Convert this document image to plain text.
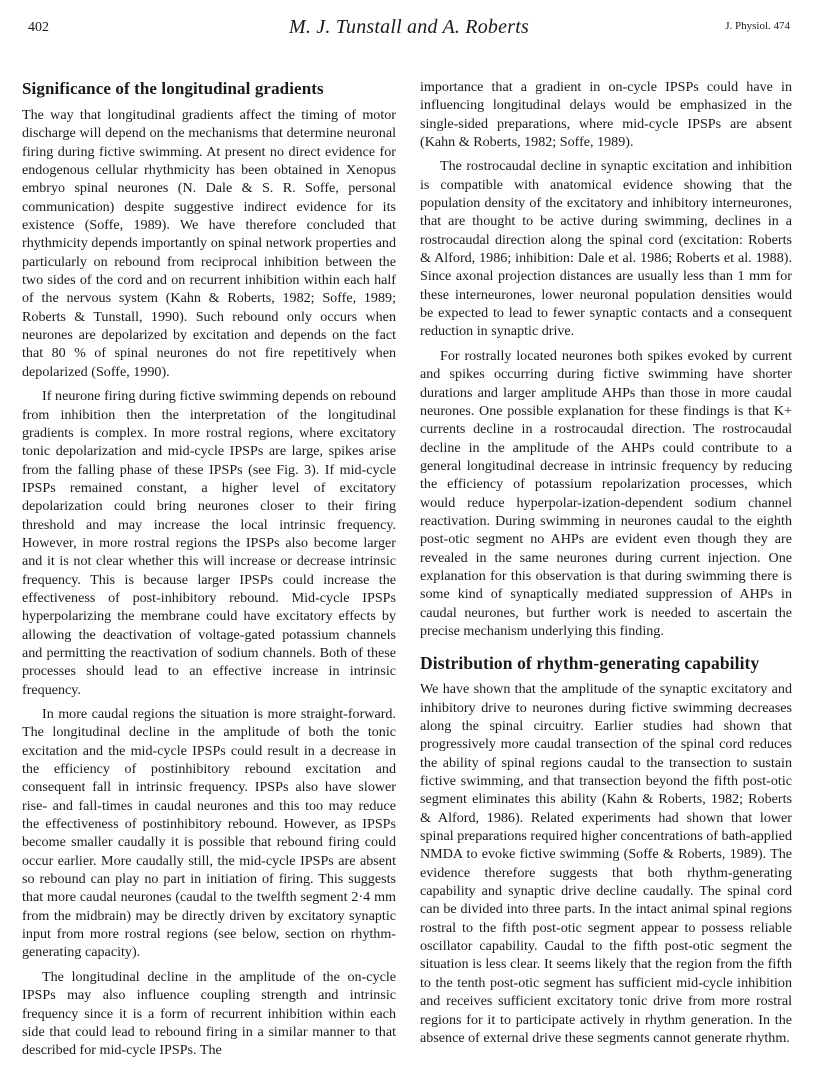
402	M. J. Tunstall and A. Roberts	J. Physiol. 474
Significance of the longitudinal gradients

The way that longitudinal gradients affect the timing of motor discharge will depend on the mechanisms that determine neuronal firing during fictive swimming. At present no direct evidence for endogenous cellular rhythmicity has been obtained in Xenopus embryo spinal neurones (N. Dale & S. R. Soffe, personal communication) despite suggestive indirect evidence for its existence (Soffe, 1989). We have therefore concluded that rhythmicity depends importantly on spinal network properties and particularly on rebound from reciprocal inhibition between the two sides of the cord and on recurrent inhibition within each half of the nervous system (Kahn & Roberts, 1982; Soffe, 1989; Roberts & Tunstall, 1990). Such rebound only occurs when neurones are depolarized by excitation and depends on the fact that 80 % of spinal neurones do not fire repetitively when depolarized (Soffe, 1990).

If neurone firing during fictive swimming depends on rebound from inhibition then the interpretation of the longitudinal gradients is complex. In more rostral regions, where excitatory tonic depolarization and mid-cycle IPSPs are large, spikes arise from the falling phase of these IPSPs (see Fig. 3). If mid-cycle IPSPs remained constant, a higher level of excitatory depolarization could bring neurones closer to their firing threshold and may increase the local intrinsic frequency. However, in more rostral regions the IPSPs also become larger and it is not clear whether this will increase or decrease intrinsic frequency. This is because larger IPSPs could increase the effectiveness of post-inhibitory rebound. Mid-cycle IPSPs hyperpolarizing the membrane could have excitatory effects by allowing the deactivation of voltage-gated potassium channels and permitting the reactivation of sodium channels. Both of these processes should lead to an effective increase in intrinsic frequency.

In more caudal regions the situation is more straight-forward. The longitudinal decline in the amplitude of both the tonic excitation and the mid-cycle IPSPs could result in a decrease in the efficiency of postinhibitory rebound excitation and consequent fall in intrinsic frequency. IPSPs also have slower rise- and fall-times in caudal neurones and this too may reduce the effectiveness of postinhibitory rebound. However, as IPSPs become smaller caudally it is possible that rebound firing could occur earlier. More caudally still, the mid-cycle IPSPs are absent so rebound can play no part in initiation of firing. This suggests that more caudal neurones (caudal to the twelfth segment 2·4 mm from the midbrain) may be directly driven by excitatory synaptic input from more rostral regions (see below, section on rhythm-generating capacity).

The longitudinal decline in the amplitude of the on-cycle IPSPs may also influence coupling strength and intrinsic frequency since it is a form of recurrent inhibition within each side that could lead to rebound firing in a similar manner to that described for mid-cycle IPSPs. The

importance that a gradient in on-cycle IPSPs could have in influencing longitudinal delays would be emphasized in the single-sided preparations, where mid-cycle IPSPs are absent (Kahn & Roberts, 1982; Soffe, 1989).

The rostrocaudal decline in synaptic excitation and inhibition is compatible with anatomical evidence showing that the population density of the excitatory and inhibitory interneurones, that are thought to be active during swimming, declines in a rostrocaudal direction along the spinal cord (excitation: Roberts & Alford, 1986; inhibition: Dale et al. 1986; Roberts et al. 1988). Since axonal projection distances are usually less than 1 mm for these interneurones, lower neuronal population densities would be expected to lead to fewer synaptic contacts and a consequent reduction in synaptic drive.

For rostrally located neurones both spikes evoked by current and spikes occurring during fictive swimming have shorter durations and larger amplitude AHPs than those in more caudal neurones. One possible explanation for these findings is that K+ currents decline in a rostrocaudal direction. The rostrocaudal decline in the amplitude of the AHPs could contribute to a general longitudinal decrease in intrinsic frequency by reducing the efficiency of potassium repolarization processes, which would reduce hyperpolar-ization-dependent sodium channel reactivation. During swimming in neurones caudal to the eighth post-otic segment no AHPs are evident even though they are revealed in the same neurones during current injection. One explanation for this observation is that during swimming there is some kind of synaptically mediated suppression of AHPs in caudal neurones, but further work is needed to ascertain the precise mechanism underlying this finding.

Distribution of rhythm-generating capability

We have shown that the amplitude of the synaptic excitatory and inhibitory drive to neurones during fictive swimming decreases along the spinal circuitry. Earlier studies had shown that progressively more caudal transection of the spinal cord reduces the ability of spinal regions caudal to the transection to sustain fictive swimming, and that transection beyond the fifth post-otic segment eliminates this ability (Kahn & Roberts, 1982; Roberts & Alford, 1986). Related experiments had shown that lower spinal preparations required higher concentrations of bath-applied NMDA to evoke fictive swimming (Soffe & Roberts, 1989). The evidence therefore suggests that both rhythm-generating capability and synaptic drive decline caudally. The spinal cord can be divided into three parts. In the intact animal spinal regions rostral to the fifth post-otic segment appear to possess reliable oscillator capability. Caudal to the fifth post-otic segment the situation is less clear. It seems likely that the region from the fifth to the tenth post-otic segment has sufficient mid-cycle inhibition and receives sufficient excitatory tonic drive from more rostral regions for it to participate actively in rhythm generation. In the absence of external drive these segments cannot generate rhythm.
